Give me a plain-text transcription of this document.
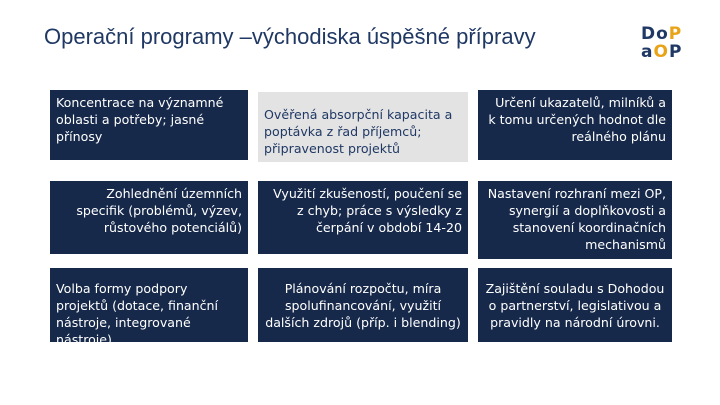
Operační programy –východiska úspěšné přípravy	DoP
aOP
Koncentrace na významné oblasti a potřeby; jasné přínosy
Ověřená absorpční kapacita a poptávka z řad příjemců; připravenost projektů
Určení ukazatelů, milníků a k tomu určených hodnot dle reálného plánu
Zohlednění územních specifik (problémů, výzev, růstového potenciálů)
Využití zkušeností, poučení se z chyb; práce s výsledky z čerpání v období 14-20
Nastavení rozhraní mezi OP, synergií a doplňkovosti a stanovení koordinačních mechanismů
Volba formy podpory projektů (dotace, finanční nástroje, integrované nástroje)
Plánování rozpočtu, míra spolufinancování, využití dalších zdrojů (příp. i blending)
Zajištění souladu s Dohodou o partnerství, legislativou a pravidly na národní úrovni.
